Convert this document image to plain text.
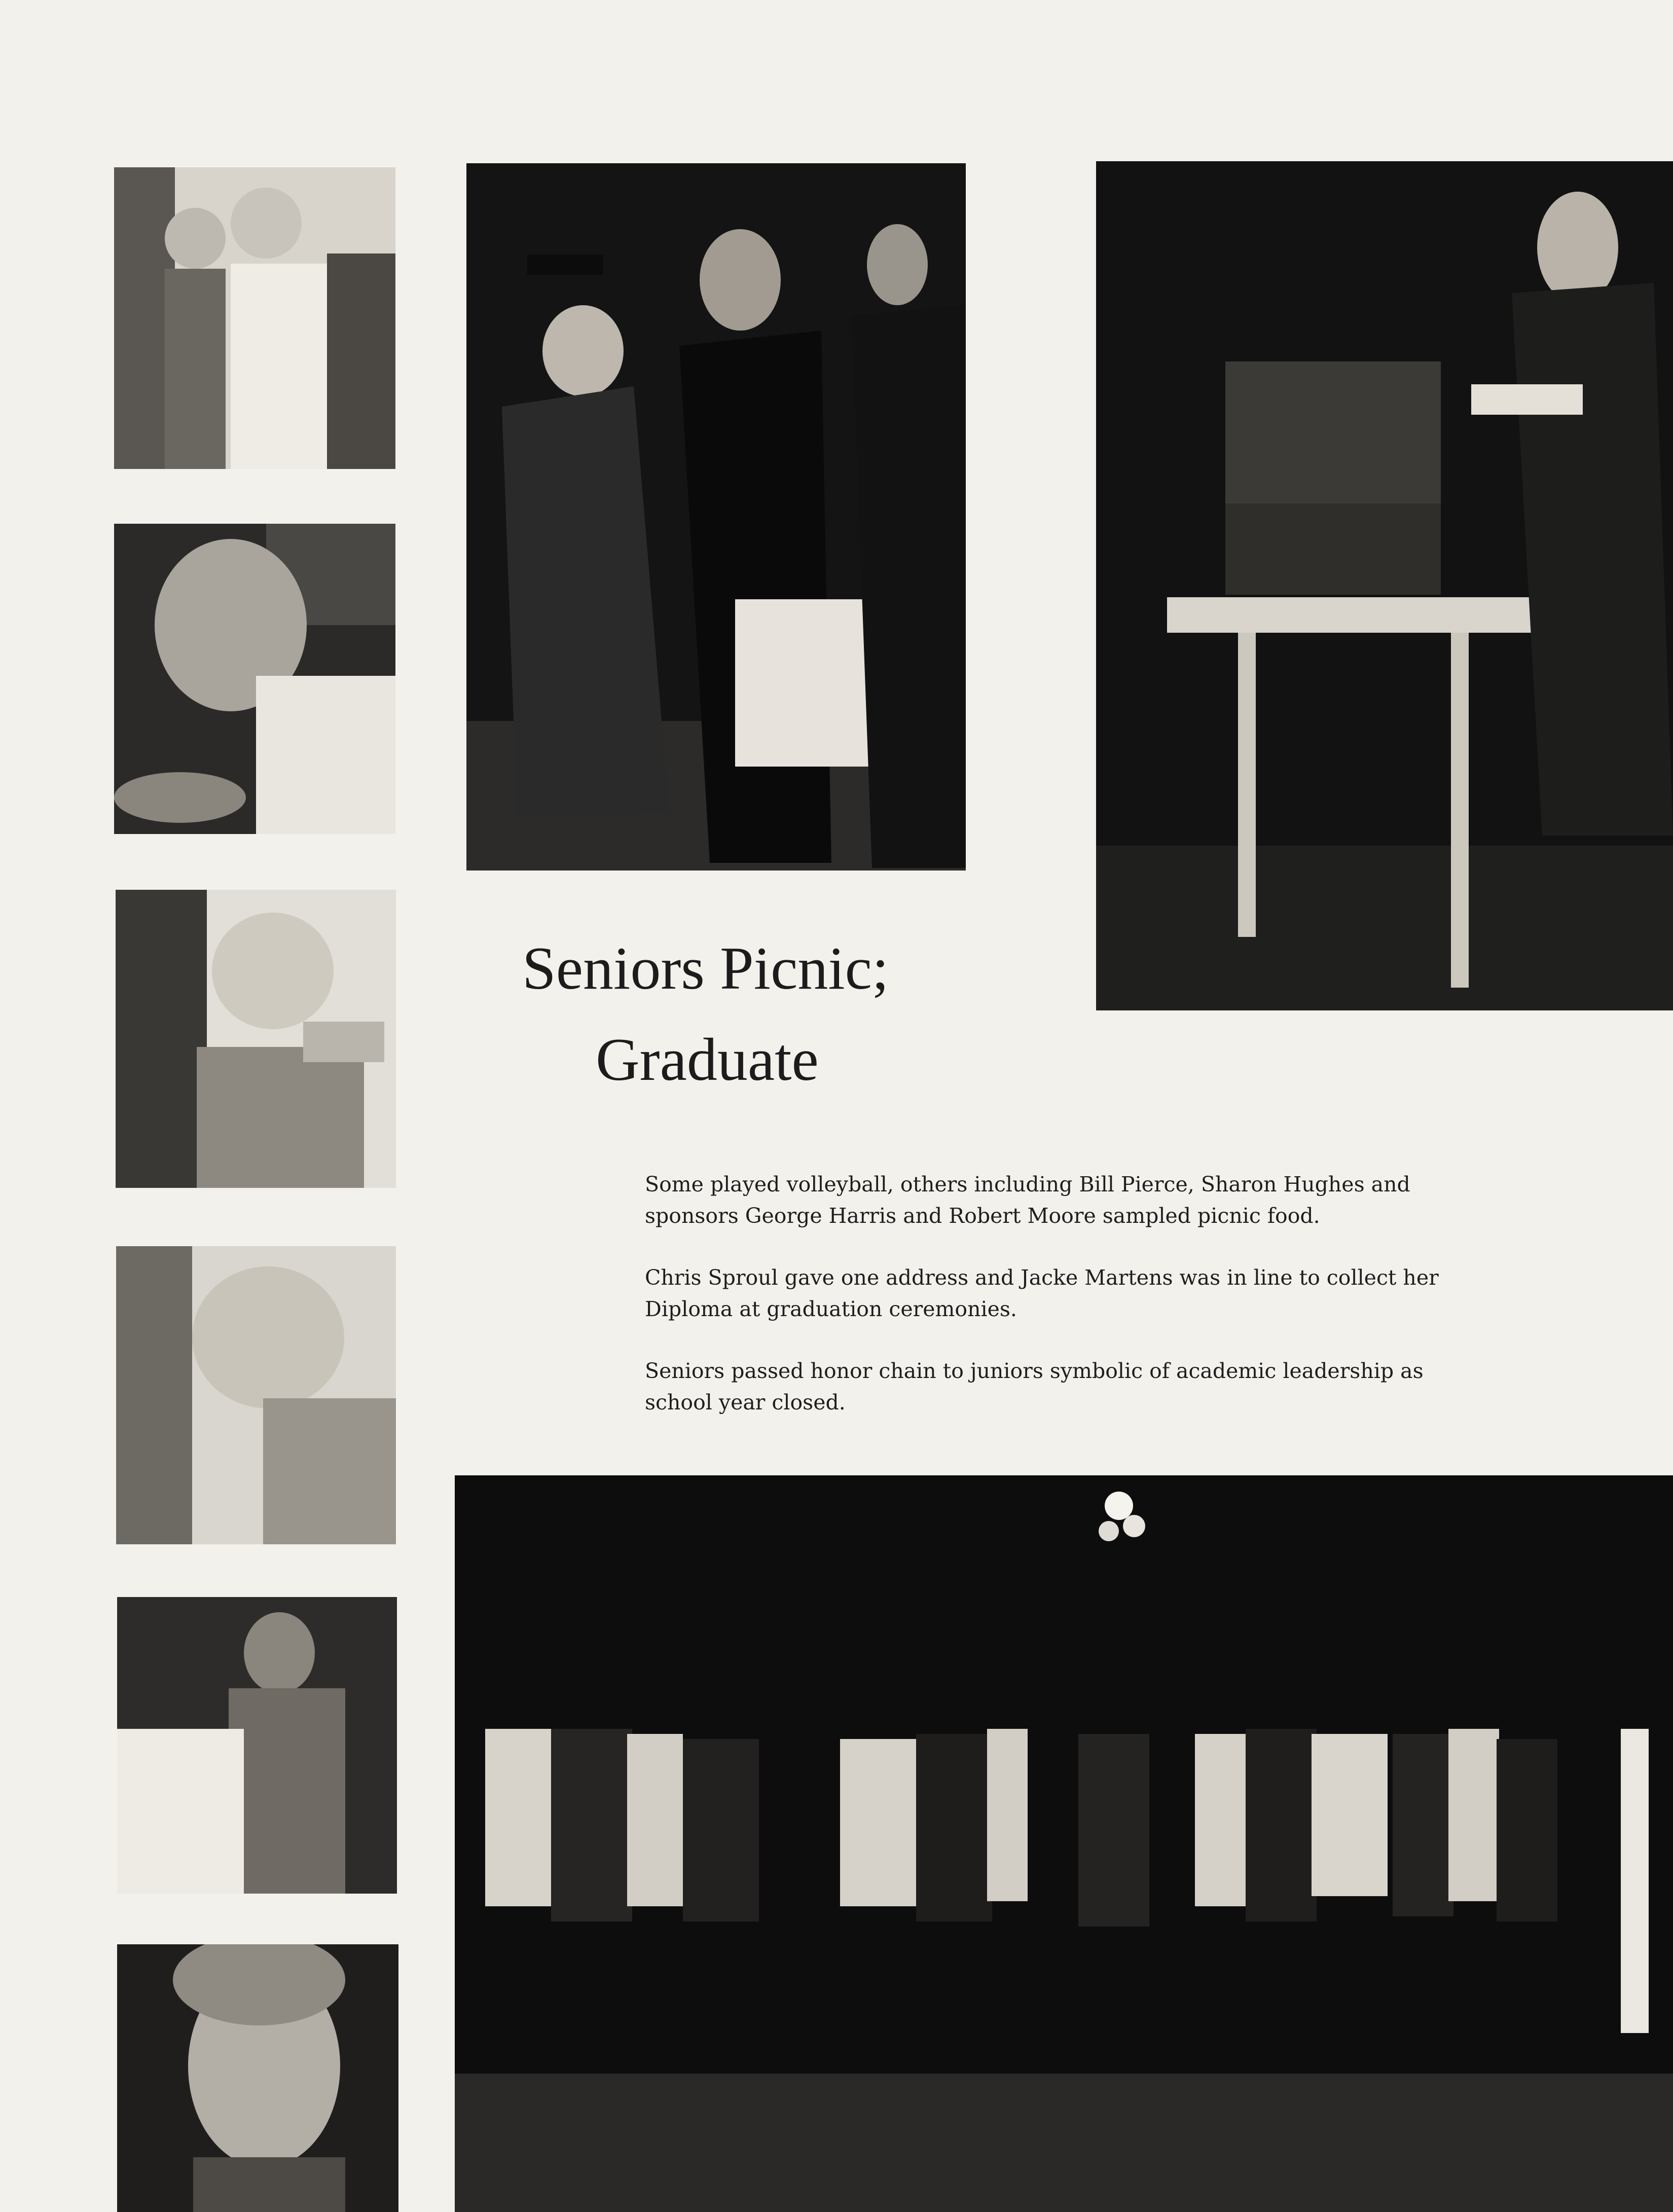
Seniors Picnic;
Graduate

Some played volleyball, others including Bill Pierce, Sharon Hughes and sponsors George Harris and Robert Moore sampled picnic food.

Chris Sproul gave one address and Jacke Martens was in line to collect her Diploma at graduation ceremonies.

Seniors passed honor chain to juniors symbolic of academic leadership as school year closed.
